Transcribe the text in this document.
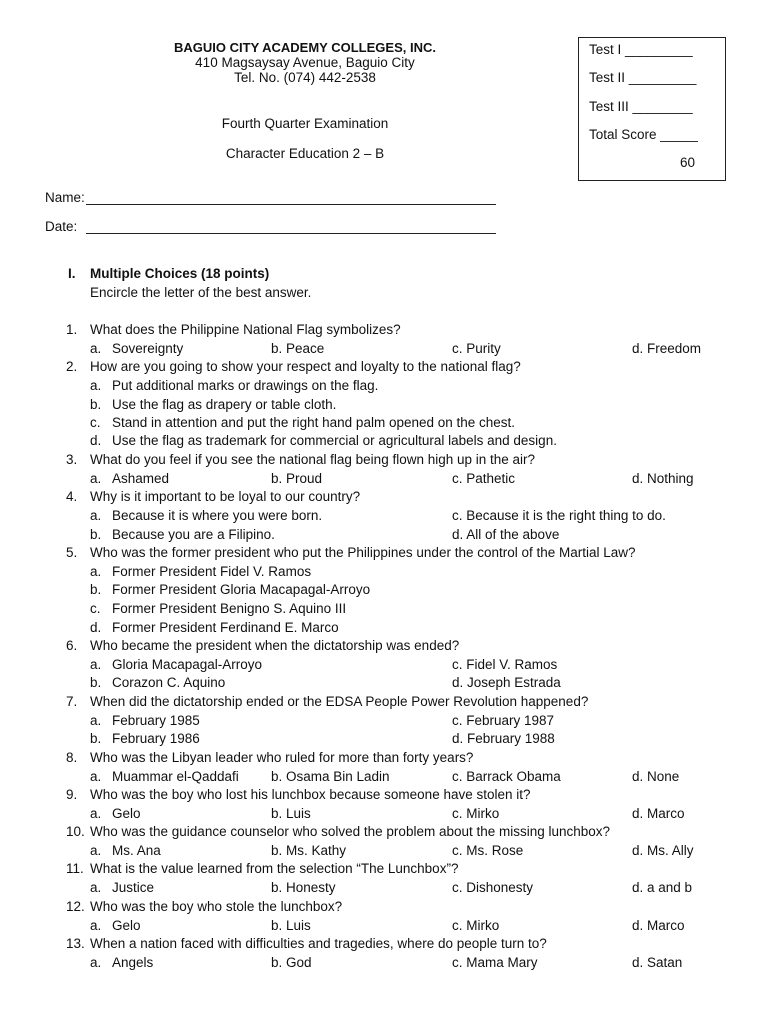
BAGUIO CITY ACADEMY COLLEGES, INC.
410 Magsaysay Avenue, Baguio City
Tel. No. (074) 442-2538
Fourth Quarter Examination
Character Education 2 – B
Test I _________
Test II _________
Test III ________
Total Score _____
60
Name:
Date:
I. Multiple Choices (18 points)
Encircle the letter of the best answer.
1. What does the Philippine National Flag symbolizes?
a. Sovereignty	b. Peace	c. Purity	d. Freedom
2. How are you going to show your respect and loyalty to the national flag?
a. Put additional marks or drawings on the flag.
b. Use the flag as drapery or table cloth.
c. Stand in attention and put the right hand palm opened on the chest.
d. Use the flag as trademark for commercial or agricultural labels and design.
3. What do you feel if you see the national flag being flown high up in the air?
a. Ashamed	b. Proud	c. Pathetic	d. Nothing
4. Why is it important to be loyal to our country?
a. Because it is where you were born.	c. Because it is the right thing to do.
b. Because you are a Filipino.	d. All of the above
5. Who was the former president who put the Philippines under the control of the Martial Law?
a. Former President Fidel V. Ramos
b. Former President Gloria Macapagal-Arroyo
c. Former President Benigno S. Aquino III
d. Former President Ferdinand E. Marco
6. Who became the president when the dictatorship was ended?
a. Gloria Macapagal-Arroyo	c. Fidel V. Ramos
b. Corazon C. Aquino	d. Joseph Estrada
7. When did the dictatorship ended or the EDSA People Power Revolution happened?
a. February 1985	c. February 1987
b. February 1986	d. February 1988
8. Who was the Libyan leader who ruled for more than forty years?
a. Muammar el-Qaddafi b. Osama Bin Ladin	c. Barrack Obama	d. None
9. Who was the boy who lost his lunchbox because someone have stolen it?
a. Gelo	b. Luis	c. Mirko	d. Marco
10. Who was the guidance counselor who solved the problem about the missing lunchbox?
a. Ms. Ana	b. Ms. Kathy	c. Ms. Rose	d. Ms. Ally
11. What is the value learned from the selection “The Lunchbox”?
a. Justice	b. Honesty	c. Dishonesty	d. a and b
12. Who was the boy who stole the lunchbox?
a. Gelo	b. Luis	c. Mirko	d. Marco
13. When a nation faced with difficulties and tragedies, where do people turn to?
a. Angels	b. God	c. Mama Mary	d. Satan
